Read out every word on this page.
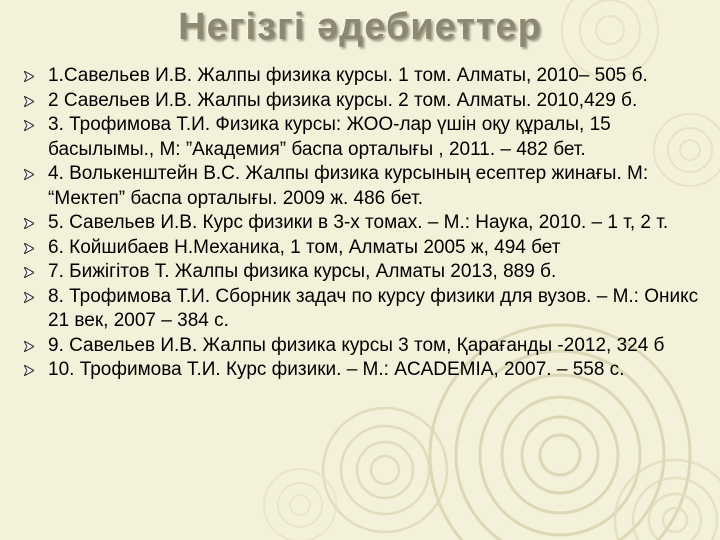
Негізгі әдебиеттер
1.Савельев И.В. Жалпы физика курсы. 1 том. Алматы, 2010– 505 б.
2 Савельев И.В. Жалпы физика курсы. 2 том. Алматы. 2010,429 б.
3. Трофимова Т.И. Физика курсы: ЖОО-лар үшін оқу құралы, 15 басылымы., М: ”Академия” баспа орталығы , 2011. – 482 бет.
4. Волькенштейн В.С. Жалпы физика курсының есептер жинағы. М: “Мектеп” баспа орталығы. 2009 ж. 486 бет.
5. Савельев И.В. Курс физики в 3-х томах. – М.: Наука, 2010. – 1 т, 2 т.
6. Койшибаев Н.Механика, 1 том, Алматы 2005 ж, 494 бет
7. Бижігітов Т. Жалпы физика курсы, Алматы 2013, 889 б.
8. Трофимова Т.И. Сборник задач по курсу физики для вузов. – М.: Оникс 21 век, 2007 – 384 с.
9. Савельев И.В. Жалпы физика курсы 3 том, Қарағанды -2012, 324 б
10. Трофимова Т.И. Курс физики. – М.: ACADEMIA, 2007. – 558 с.
